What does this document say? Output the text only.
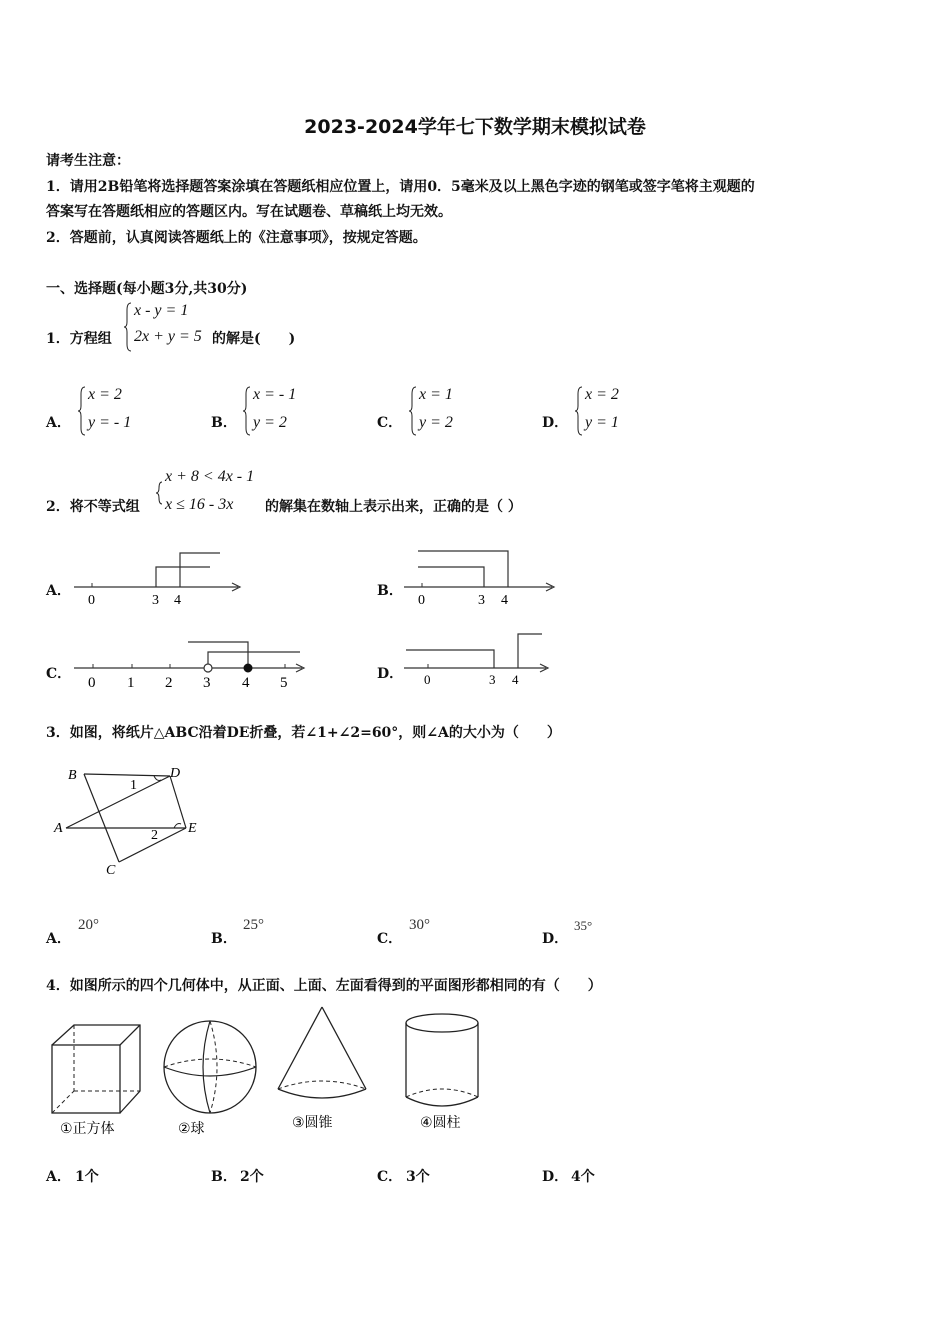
2023-2024学年七下数学期末模拟试卷
请考生注意：
1．请用2B铅笔将选择题答案涂填在答题纸相应位置上，请用0．5毫米及以上黑色字迹的钢笔或签字笔将主观题的
答案写在答题纸相应的答题区内。写在试题卷、草稿纸上均无效。
2．答题前，认真阅读答题纸上的《注意事项》，按规定答题。
一、选择题(每小题3分,共30分)
1．方程组
x - y = 1
2x + y = 5 的解是(　　)
A．
x = 2
y = - 1	B．
x = - 1
y = 2	C．
x = 1
y = 2	D．
x = 2
y = 1
2．将不等式组
x + 8 < 4x - 1
x ≤ 16 - 3x 的解集在数轴上表示出来，正确的是（ ）
A．
0	3 4
B．
0	3 4
C．
0 1 2 3 4 5
D． 0	3 4
3．如图，将纸片△ABC沿着DE折叠，若∠1+∠2=60°，则∠A的大小为（　　）
B	D
A	E
C
1
2
A．
20°
B．
25°
C．
30°
D．
35°
4．如图所示的四个几何体中，从正面、上面、左面看得到的平面图形都相同的有（　　）
①正方体	②球	③圆锥	④圆柱
A． 1个	B． 2个	C． 3个	D． 4个
